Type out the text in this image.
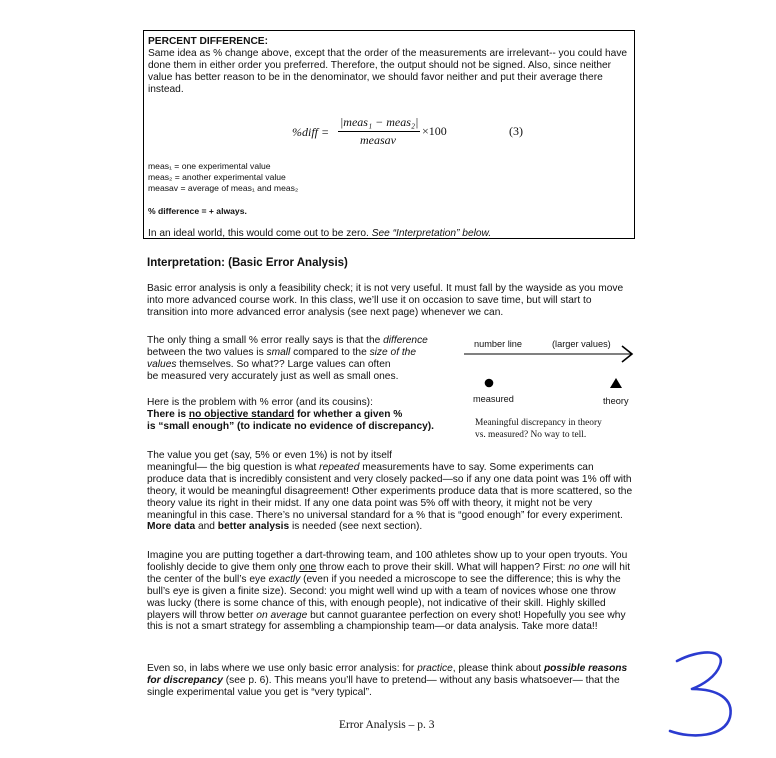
PERCENT DIFFERENCE:
Same idea as % change above, except that the order of the measurements are irrelevant-- you could have done them in either order you preferred. Therefore, the output should not be signed. Also, since neither value has better reason to be in the denominator, we should favor neither and put their average there instead.
%diff =
|meas₁ − meas₂|
measav
×100	(3)
meas₁ = one experimental value
meas₂ = another experimental value
measav = average of meas₁ and meas₂
% difference = + always.
In an ideal world, this would come out to be zero. See “Interpretation” below.
Interpretation: (Basic Error Analysis)
Basic error analysis is only a feasibility check; it is not very useful. It must fall by the wayside as you move into more advanced course work. In this class, we’ll use it on occasion to save time, but will start to transition into more advanced error analysis (see next page) whenever we can.
The only thing a small % error really says is that the difference
between the two values is small compared to the size of the
values themselves. So what?? Large values can often
be measured very accurately just as well as small ones.
Here is the problem with % error (and its cousins):
There is no objective standard for whether a given %
is “small enough” (to indicate no evidence of discrepancy).
number line	(larger values)
measured	theory
Meaningful discrepancy in theory
vs. measured? No way to tell.
The value you get (say, 5% or even 1%) is not by itself
meaningful— the big question is what repeated measurements have to say. Some experiments can produce data that is incredibly consistent and very closely packed—so if any one data point was 1% off with theory, it would be meaningful disagreement! Other experiments produce data that is more scattered, so the theory value its right in their midst. If any one data point was 5% off with theory, it might not be very meaningful in this case. There’s no universal standard for a % that is “good enough” for every experiment. More data and better analysis is needed (see next section).
Imagine you are putting together a dart-throwing team, and 100 athletes show up to your open tryouts. You foolishly decide to give them only one throw each to prove their skill. What will happen? First: no one will hit the center of the bull’s eye exactly (even if you needed a microscope to see the difference; this is why the bull’s eye is given a finite size). Second: you might well wind up with a team of novices whose one throw was lucky (there is some chance of this, with enough people), not indicative of their skill. Highly skilled players will throw better on average but cannot guarantee perfection on every shot! Hopefully you see why this is not a smart strategy for assembling a championship team—or data analysis. Take more data!!
Even so, in labs where we use only basic error analysis: for practice, please think about possible reasons for discrepancy (see p. 6). This means you’ll have to pretend— without any basis whatsoever— that the single experimental value you get is “very typical”.
Error Analysis – p. 3
